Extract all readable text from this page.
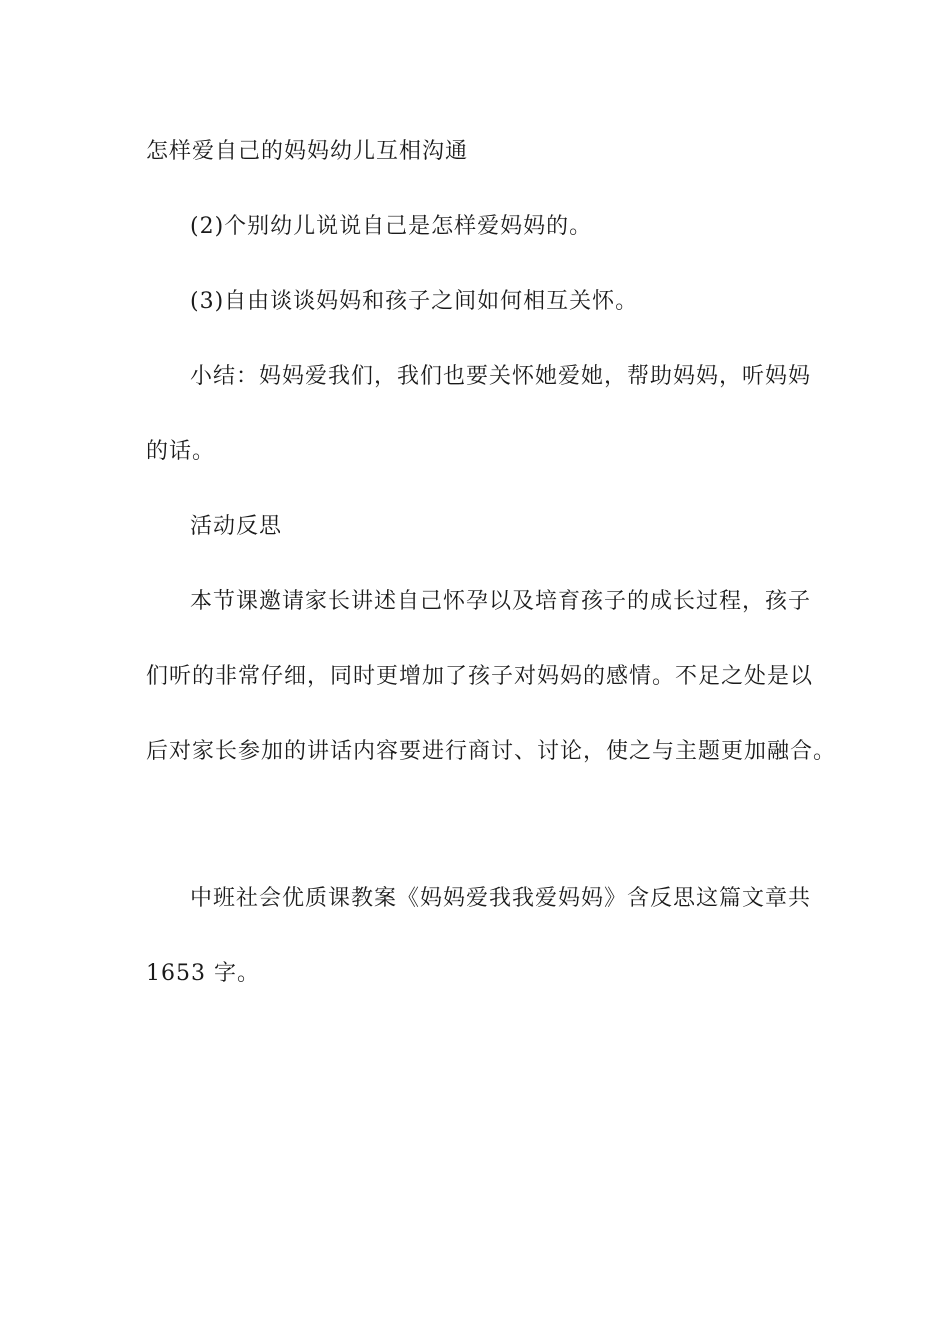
怎样爱自己的妈妈幼儿互相沟通
(2)个别幼儿说说自己是怎样爱妈妈的。
(3)自由谈谈妈妈和孩子之间如何相互关怀。
小结：妈妈爱我们，我们也要关怀她爱她，帮助妈妈，听妈妈
的话。
活动反思
本节课邀请家长讲述自己怀孕以及培育孩子的成长过程，孩子
们听的非常仔细，同时更增加了孩子对妈妈的感情。不足之处是以
后对家长参加的讲话内容要进行商讨、讨论，使之与主题更加融合。
中班社会优质课教案《妈妈爱我我爱妈妈》含反思这篇文章共
1653 字。
